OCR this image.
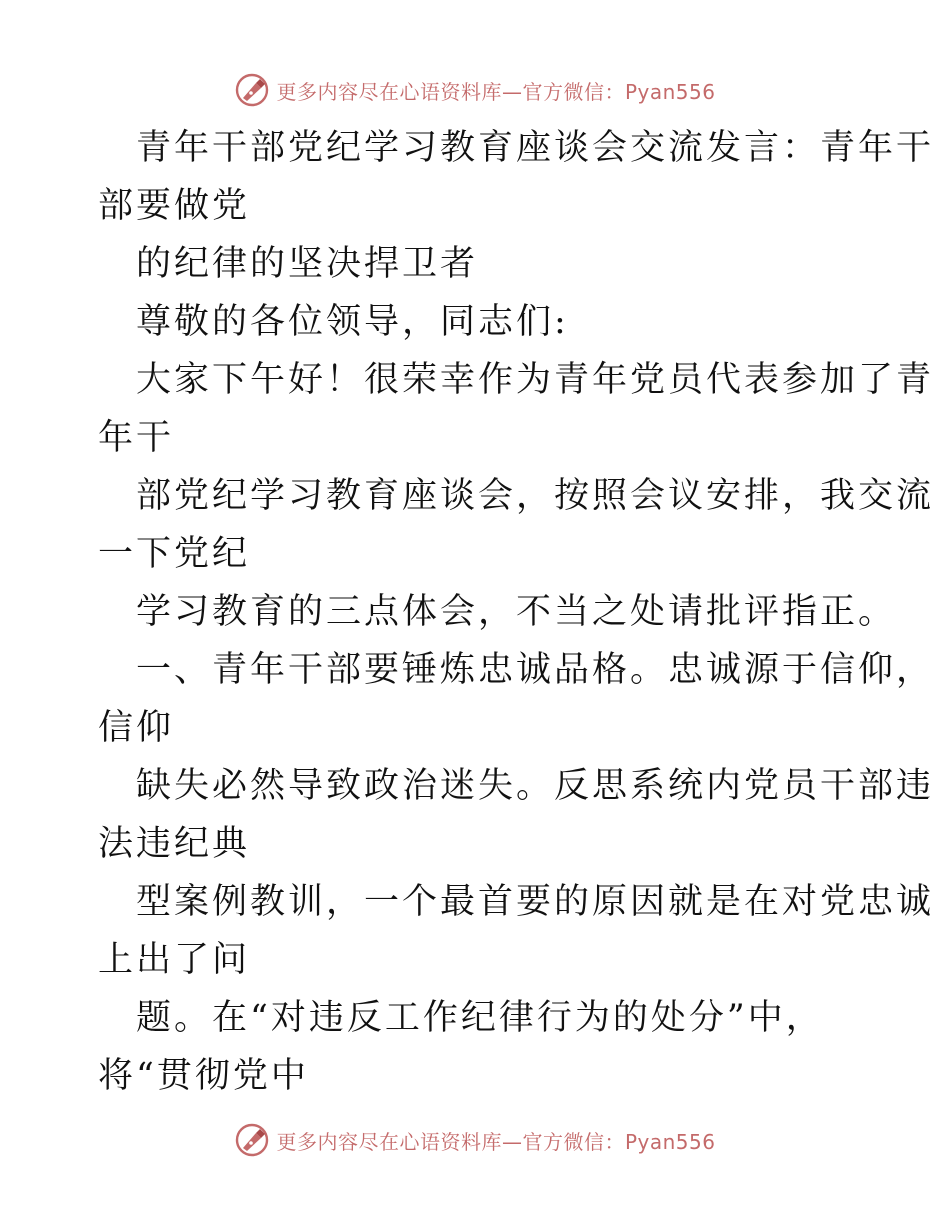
更多内容尽在心语资料库—官方微信：Pyan556
青年干部党纪学习教育座谈会交流发言：青年干
部要做党
的纪律的坚决捍卫者
尊敬的各位领导，同志们:
大家下午好！很荣幸作为青年党员代表参加了青
年干
部党纪学习教育座谈会，按照会议安排，我交流
一下党纪
学习教育的三点体会，不当之处请批评指正。
一、青年干部要锤炼忠诚品格。忠诚源于信仰，
信仰
缺失必然导致政治迷失。反思系统内党员干部违
法违纪典
型案例教训，一个最首要的原因就是在对党忠诚
上出了问
题。在“对违反工作纪律行为的处分”中，
将“贯彻党中
更多内容尽在心语资料库—官方微信：Pyan556
